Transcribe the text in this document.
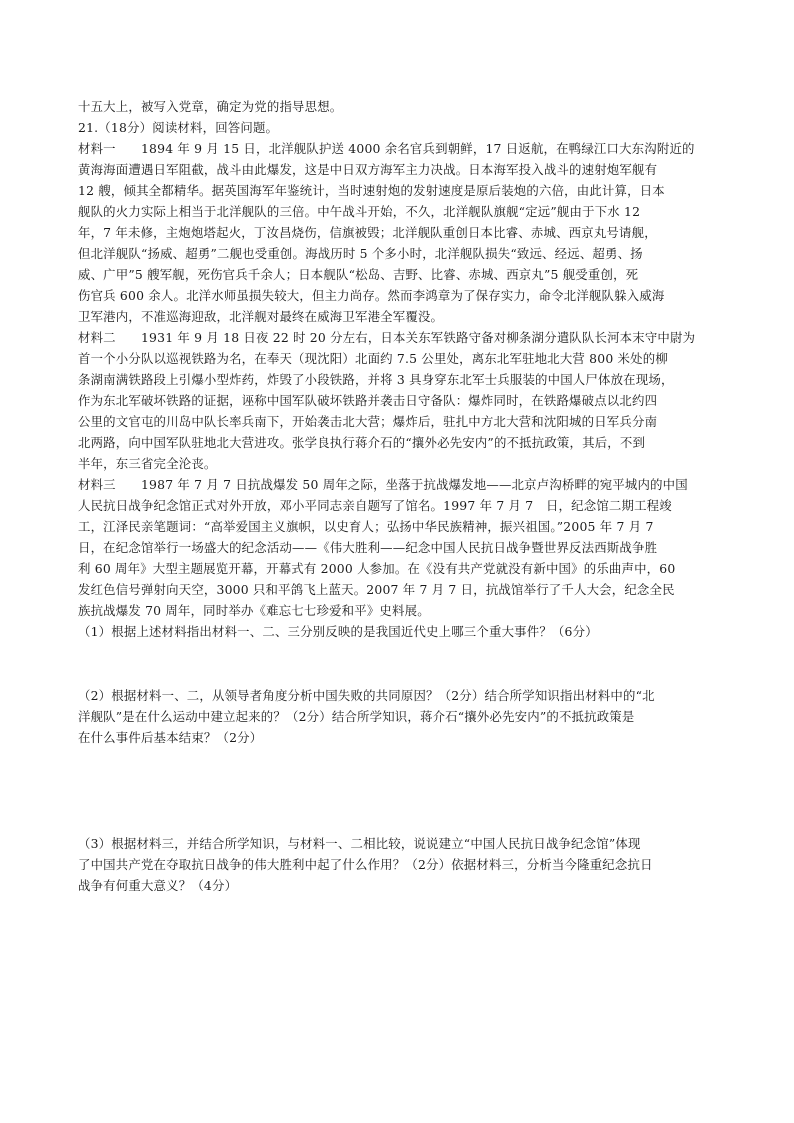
十五大上，被写入党章，确定为党的指导思想。
21.（18分）阅读材料，回答问题。
材料一　　1894 年 9 月 15 日，北洋舰队护送 4000 余名官兵到朝鲜，17 日返航，在鸭绿江口大东沟附近的
黄海海面遭遇日军阻截，战斗由此爆发，这是中日双方海军主力决战。日本海军投入战斗的速射炮军舰有
12 艘，倾其全都精华。据英国海军年鉴统计，当时速射炮的发射速度是原后装炮的六倍，由此计算，日本
舰队的火力实际上相当于北洋舰队的三倍。中午战斗开始，不久，北洋舰队旗舰“定远”舰由于下水 12
年，7 年未修，主炮炮塔起火，丁汝昌烧伤，信旗被毁；北洋舰队重创日本比睿、赤城、西京丸号请舰，
但北洋舰队“扬威、超勇”二舰也受重创。海战历时 5 个多小时，北洋舰队损失“致远、经远、超勇、扬
威、广甲”5 艘军舰，死伤官兵千余人；日本舰队“松岛、吉野、比睿、赤城、西京丸”5 舰受重创，死
伤官兵 600 余人。北洋水师虽损失较大，但主力尚存。然而李鸿章为了保存实力，命令北洋舰队躲入威海
卫军港内，不准巡海迎敌，北洋舰对最终在威海卫军港全军覆没。
材料二　　1931 年 9 月 18 日夜 22 时 20 分左右，日本关东军铁路守备对柳条湖分遣队队长河本末守中尉为
首一个小分队以巡视铁路为名，在奉天（现沈阳）北面约 7.5 公里处，离东北军驻地北大营 800 米处的柳
条湖南满铁路段上引爆小型炸药，炸毁了小段铁路，并将 3 具身穿东北军士兵服装的中国人尸体放在现场，
作为东北军破坏铁路的证据，诬称中国军队破坏铁路并袭击日守备队：爆炸同时，在铁路爆破点以北约四
公里的文官屯的川岛中队长率兵南下，开始袭击北大营；爆炸后，驻扎中方北大营和沈阳城的日军兵分南
北两路，向中国军队驻地北大营进攻。张学良执行蒋介石的“攘外必先安内”的不抵抗政策，其后，不到
半年，东三省完全沦丧。
材料三　　1987 年 7 月 7 日抗战爆发 50 周年之际，坐落于抗战爆发地——北京卢沟桥畔的宛平城内的中国
人民抗日战争纪念馆正式对外开放，邓小平同志亲自题写了馆名。1997 年 7 月 7　日，纪念馆二期工程竣
工，江泽民亲笔题词：“高举爱国主义旗帜，以史育人；弘扬中华民族精神，振兴祖国。”2005 年 7 月 7
日，在纪念馆举行一场盛大的纪念活动——《伟大胜利——纪念中国人民抗日战争暨世界反法西斯战争胜
利 60 周年》大型主题展览开幕，开幕式有 2000 人参加。在《没有共产党就没有新中国》的乐曲声中，60
发红色信号弹射向天空，3000 只和平鸽飞上蓝天。2007 年 7 月 7 日，抗战馆举行了千人大会，纪念全民
族抗战爆发 70 周年，同时举办《难忘七七珍爱和平》史料展。
（1）根据上述材料指出材料一、二、三分别反映的是我国近代史上哪三个重大事件？（6分）
（2）根据材料一、二，从领导者角度分析中国失败的共同原因？（2分）结合所学知识指出材料中的“北
洋舰队”是在什么运动中建立起来的？（2分）结合所学知识，蒋介石“攘外必先安内”的不抵抗政策是
在什么事件后基本结束？（2分）
（3）根据材料三，并结合所学知识，与材料一、二相比较，说说建立“中国人民抗日战争纪念馆”体现
了中国共产党在夺取抗日战争的伟大胜利中起了什么作用？（2分）依据材料三，分析当今隆重纪念抗日
战争有何重大意义？（4分）
